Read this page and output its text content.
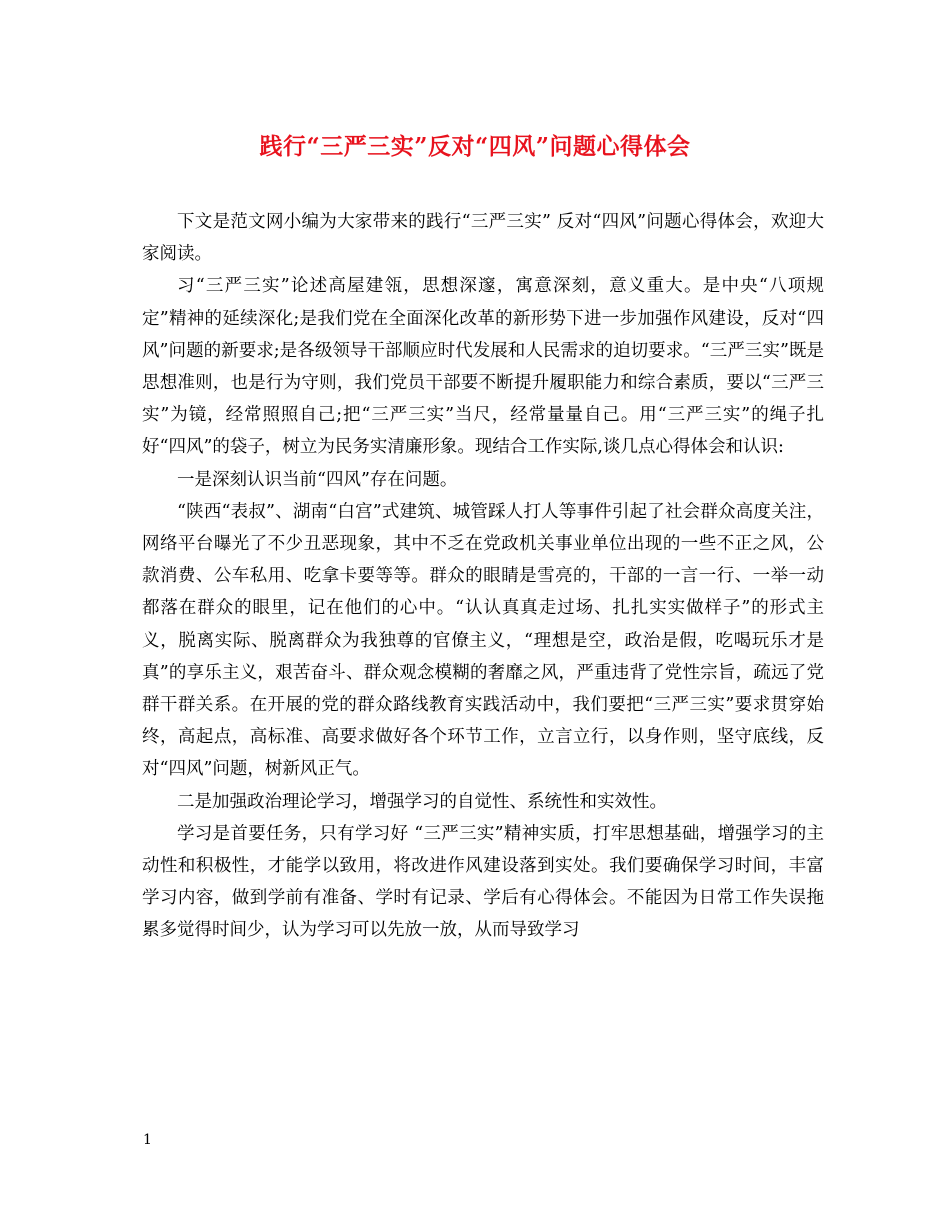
践行“三严三实”反对“四风”问题心得体会

下文是范文网小编为大家带来的践行“三严三实” 反对“四风”问题心得体会，欢迎大家阅读。

习“三严三实”论述高屋建瓴，思想深邃，寓意深刻，意义重大。是中央“八项规定”精神的延续深化;是我们党在全面深化改革的新形势下进一步加强作风建设，反对“四风”问题的新要求;是各级领导干部顺应时代发展和人民需求的迫切要求。“三严三实”既是思想准则，也是行为守则，我们党员干部要不断提升履职能力和综合素质，要以“三严三实”为镜，经常照照自己;把“三严三实”当尺，经常量量自己。用“三严三实”的绳子扎好“四风”的袋子，树立为民务实清廉形象。现结合工作实际,谈几点心得体会和认识:

一是深刻认识当前“四风”存在问题。

“陕西“表叔”、湖南“白宫”式建筑、城管踩人打人等事件引起了社会群众高度关注，网络平台曝光了不少丑恶现象，其中不乏在党政机关事业单位出现的一些不正之风，公款消费、公车私用、吃拿卡要等等。群众的眼睛是雪亮的，干部的一言一行、一举一动都落在群众的眼里，记在他们的心中。“认认真真走过场、扎扎实实做样子”的形式主义，脱离实际、脱离群众为我独尊的官僚主义，“理想是空，政治是假，吃喝玩乐才是真”的享乐主义，艰苦奋斗、群众观念模糊的奢靡之风，严重违背了党性宗旨，疏远了党群干群关系。在开展的党的群众路线教育实践活动中，我们要把“三严三实”要求贯穿始终，高起点，高标准、高要求做好各个环节工作，立言立行，以身作则，坚守底线，反对“四风”问题，树新风正气。

二是加强政治理论学习，增强学习的自觉性、系统性和实效性。

学习是首要任务，只有学习好 “三严三实”精神实质，打牢思想基础，增强学习的主动性和积极性，才能学以致用，将改进作风建设落到实处。我们要确保学习时间，丰富学习内容，做到学前有准备、学时有记录、学后有心得体会。不能因为日常工作失误拖累多觉得时间少，认为学习可以先放一放，从而导致学习

1
